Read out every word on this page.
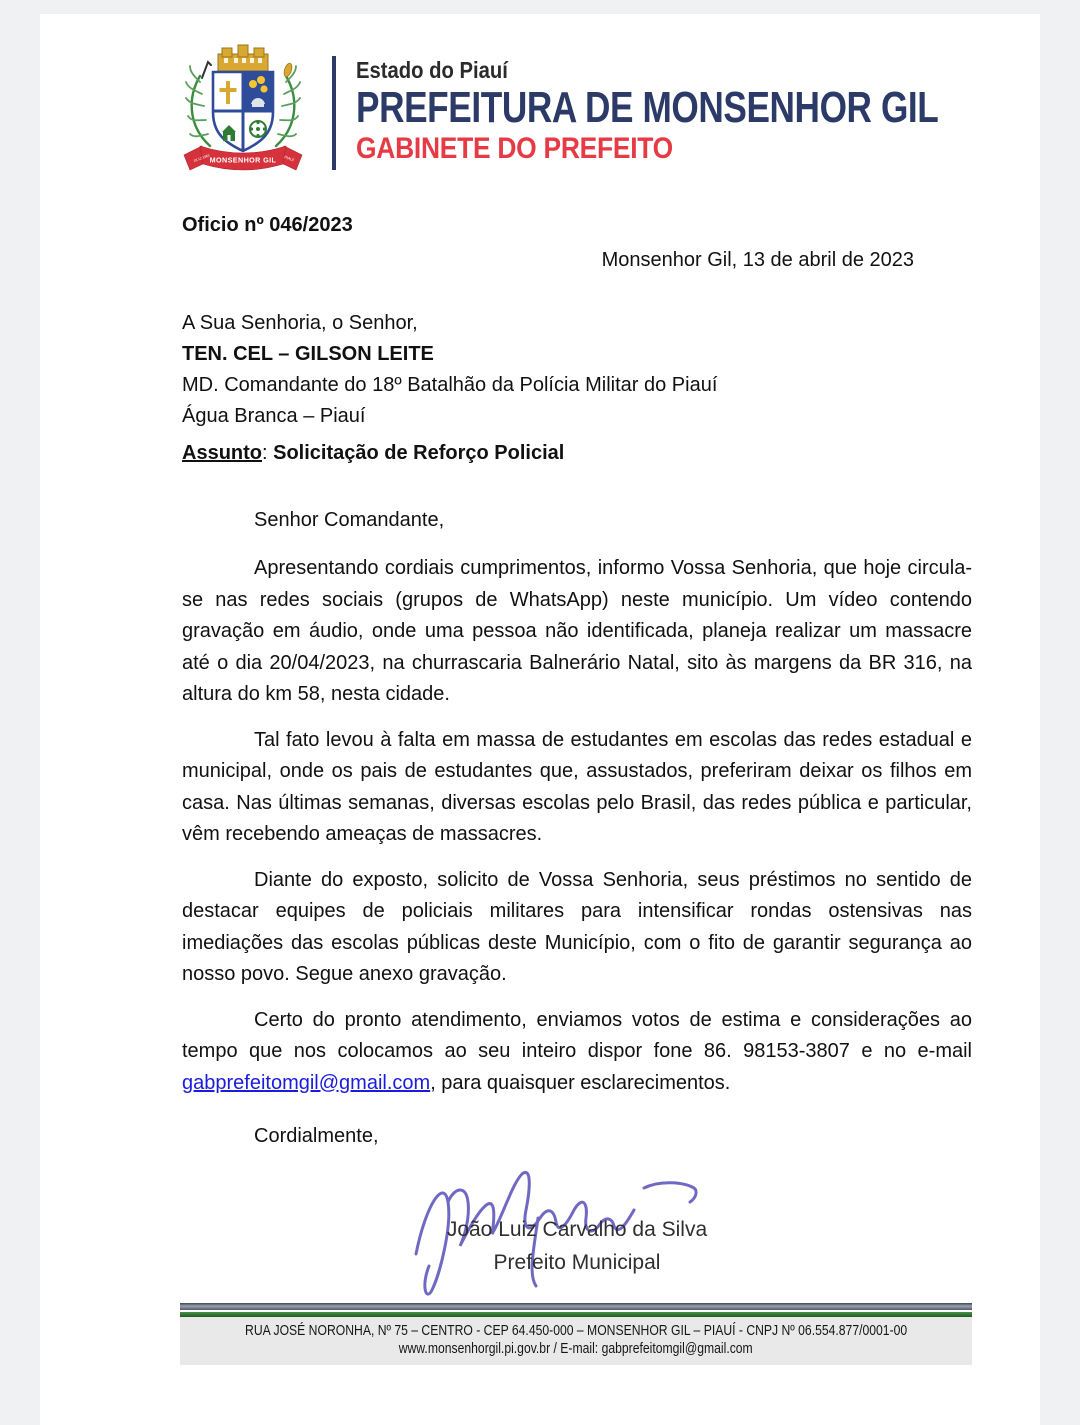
MONSENHOR GIL
18.12.1963	PIAUÍ
Estado do Piauí
PREFEITURA DE MONSENHOR GIL
GABINETE DO PREFEITO
Oficio nº 046/2023
Monsenhor Gil, 13 de abril de 2023
A Sua Senhoria, o Senhor,
TEN. CEL – GILSON LEITE
MD. Comandante do 18º Batalhão da Polícia Militar do Piauí
Água Branca – Piauí
Assunto: Solicitação de Reforço Policial
Senhor Comandante,

Apresentando cordiais cumprimentos, informo Vossa Senhoria, que hoje circula-se nas redes sociais (grupos de WhatsApp) neste município. Um vídeo contendo gravação em áudio, onde uma pessoa não identificada, planeja realizar um massacre até o dia 20/04/2023, na churrascaria Balnerário Natal, sito às margens da BR 316, na altura do km 58, nesta cidade.

Tal fato levou à falta em massa de estudantes em escolas das redes estadual e municipal, onde os pais de estudantes que, assustados, preferiram deixar os filhos em casa. Nas últimas semanas, diversas escolas pelo Brasil, das redes pública e particular, vêm recebendo ameaças de massacres.

Diante do exposto, solicito de Vossa Senhoria, seus préstimos no sentido de destacar equipes de policiais militares para intensificar rondas ostensivas nas imediações das escolas públicas deste Município, com o fito de garantir segurança ao nosso povo. Segue anexo gravação.

Certo do pronto atendimento, enviamos votos de estima e considerações ao tempo que nos colocamos ao seu inteiro dispor fone 86. 98153-3807 e no e-mail gabprefeitomgil@gmail.com, para quaisquer esclarecimentos.

Cordialmente,
João Luiz Carvalho da Silva
Prefeito Municipal
RUA JOSÉ NORONHA, Nº 75 – CENTRO - CEP 64.450-000 – MONSENHOR GIL – PIAUÍ - CNPJ Nº 06.554.877/0001-00
www.monsenhorgil.pi.gov.br / E-mail: gabprefeitomgil@gmail.com
